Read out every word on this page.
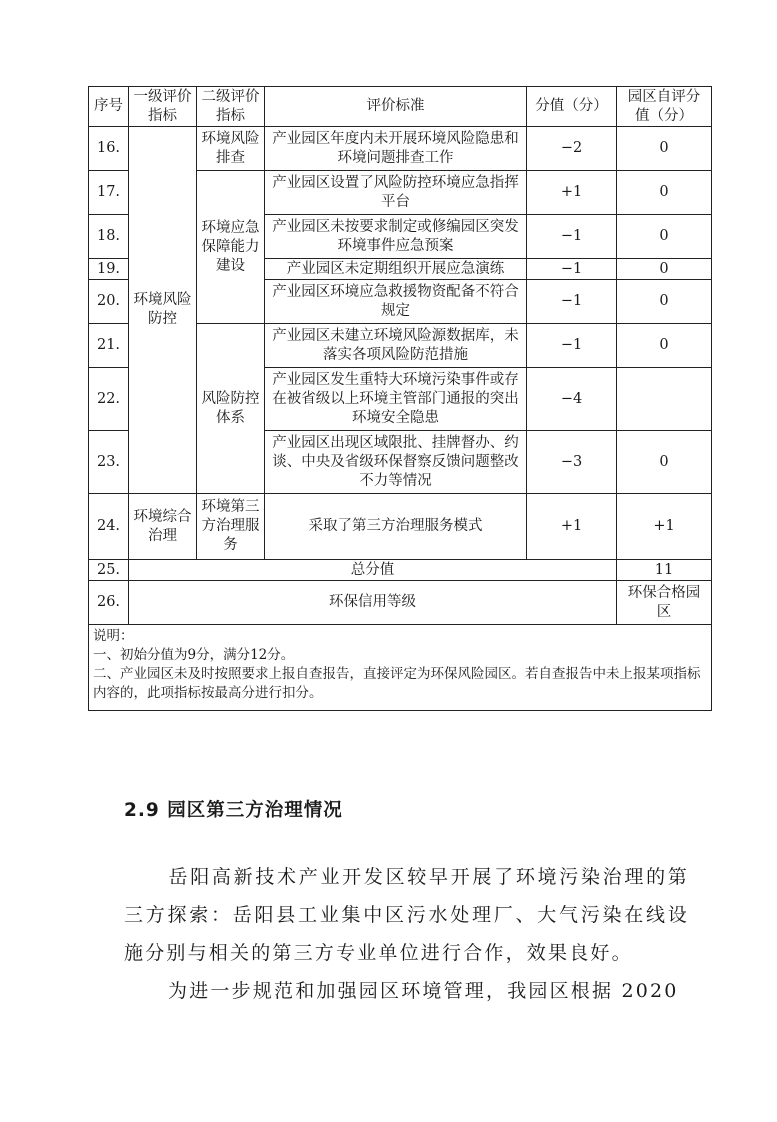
序号	一级评价指标	二级评价指标	评价标准	分值（分）	园区自评分值（分）
16.	环境风险防控	环境风险排查	产业园区年度内未开展环境风险隐患和环境问题排查工作	−2	0
17.		环境应急保障能力建设	产业园区设置了风险防控环境应急指挥平台	+1	0
18.			产业园区未按要求制定或修编园区突发环境事件应急预案	−1	0
19.			产业园区未定期组织开展应急演练	−1	0
20.			产业园区环境应急救援物资配备不符合规定	−1	0
21.		风险防控体系	产业园区未建立环境风险源数据库，未落实各项风险防范措施	−1	0
22.			产业园区发生重特大环境污染事件或存在被省级以上环境主管部门通报的突出环境安全隐患	−4	
23.			产业园区出现区域限批、挂牌督办、约谈、中央及省级环保督察反馈问题整改不力等情况	−3	0
24.	环境综合治理	环境第三方治理服务	采取了第三方治理服务模式	+1	+1
25.	总分值				11
26.	环保信用等级				环保合格园区

说明：
一、初始分值为9分，满分12分。
二、产业园区未及时按照要求上报自查报告，直接评定为环保风险园区。若自查报告中未上报某项指标内容的，此项指标按最高分进行扣分。					
2.9 园区第三方治理情况
岳阳高新技术产业开发区较早开展了环境污染治理的第三方探索：岳阳县工业集中区污水处理厂、大气污染在线设施分别与相关的第三方专业单位进行合作，效果良好。
为进一步规范和加强园区环境管理，我园区根据 2020
